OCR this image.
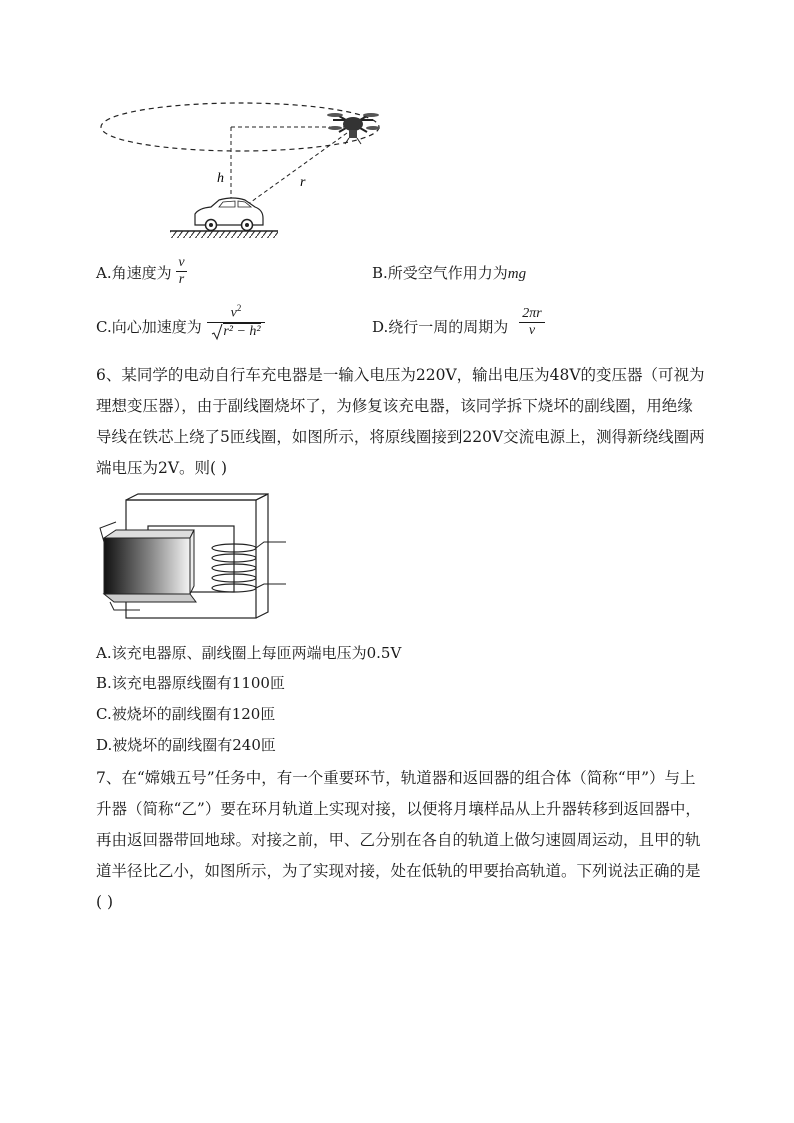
h	r
A.角速度为
v
r	B.所受空气作用力为mg
C.向心加速度为
$v^2$
r² − h²	D.绕行一周的周期为
2πr
v
6、某同学的电动自行车充电器是一输入电压为220V，输出电压为48V的变压器（可视为理想变压器），由于副线圈烧坏了，为修复该充电器，该同学拆下烧坏的副线圈，用绝缘导线在铁芯上绕了5匝线圈，如图所示，将原线圈接到220V交流电源上，测得新绕线圈两端电压为2V。则( )
A.该充电器原、副线圈上每匝两端电压为0.5V
B.该充电器原线圈有1100匝
C.被烧坏的副线圈有120匝
D.被烧坏的副线圈有240匝
7、在“嫦娥五号”任务中，有一个重要环节，轨道器和返回器的组合体（简称“甲”）与上升器（简称“乙”）要在环月轨道上实现对接，以便将月壤样品从上升器转移到返回器中，再由返回器带回地球。对接之前，甲、乙分别在各自的轨道上做匀速圆周运动，且甲的轨道半径比乙小，如图所示，为了实现对接，处在低轨的甲要抬高轨道。下列说法正确的是( )
